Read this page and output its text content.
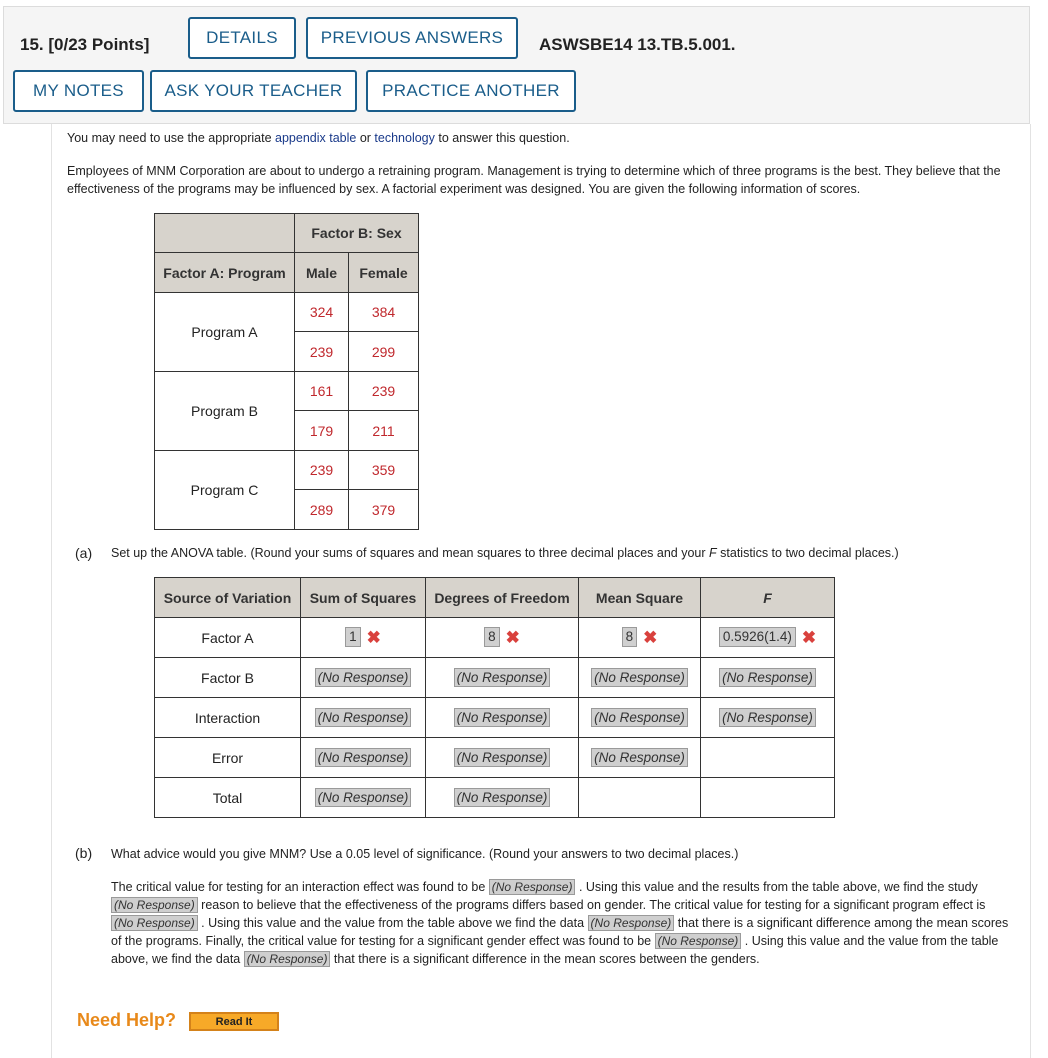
15. [0/23 Points]	DETAILS	PREVIOUS ANSWERS	ASWSBE14 13.TB.5.001.
MY NOTES	ASK YOUR TEACHER	PRACTICE ANOTHER
You may need to use the appropriate appendix table or technology to answer this question.
Employees of MNM Corporation are about to undergo a retraining program. Management is trying to determine which of three programs is the best. They believe that the effectiveness of the programs may be influenced by sex. A factorial experiment was designed. You are given the following information of scores.
	Factor B: Sex	
Factor A: Program	Male	Female
Program A	324	384
	239	299
Program B	161	239
	179	211
Program C	239	359
	289	379
(a) Set up the ANOVA table. (Round your sums of squares and mean squares to three decimal places and your F statistics to two decimal places.)
Source of Variation	Sum of Squares	Degrees of Freedom	Mean Square	F
Factor A	1 ✖	8 ✖	8 ✖	0.5926(1.4) ✖
Factor B	(No Response)	(No Response)	(No Response)	(No Response)
Interaction	(No Response)	(No Response)	(No Response)	(No Response)
Error	(No Response)	(No Response)	(No Response)	
Total	(No Response)	(No Response)		
(b) What advice would you give MNM? Use a 0.05 level of significance. (Round your answers to two decimal places.)
The critical value for testing for an interaction effect was found to be (No Response) . Using this value and the results from the table above, we find the study (No Response) reason to believe that the effectiveness of the programs differs based on gender. The critical value for testing for a significant program effect is (No Response) . Using this value and the value from the table above we find the data (No Response) that there is a significant difference among the mean scores of the programs. Finally, the critical value for testing for a significant gender effect was found to be (No Response) . Using this value and the value from the table above, we find the data (No Response) that there is a significant difference in the mean scores between the genders.
Need Help?	Read It
